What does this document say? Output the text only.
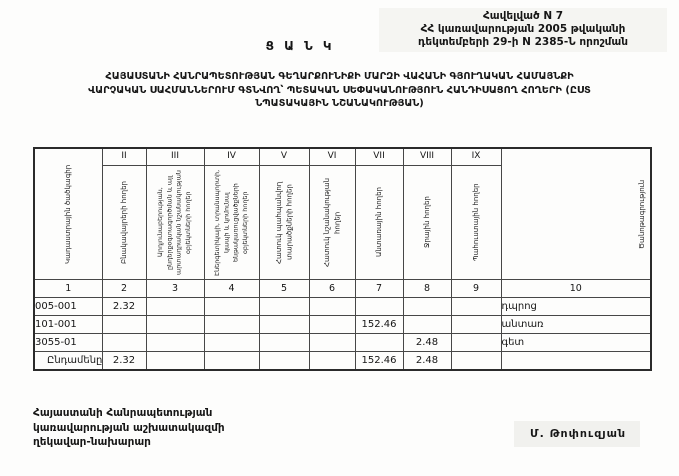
Հավելված N 7
ՀՀ կառավարության 2005 թվականի
դեկտեմբերի 29-ի N 2385-Ն որոշման
Ց Ա Ն Կ
ՀԱՅԱՍՏԱՆԻ ՀԱՆՐԱՊԵՏՈՒԹՅԱՆ ԳԵՂԱՐՔՈՒՆԻՔԻ ՄԱՐԶԻ ՎԱՀԱՆԻ ԳՅՈՒՂԱԿԱՆ ՀԱՄԱՅՆՔԻ
ՎԱՐՉԱԿԱՆ ՍԱՀՄԱՆՆԵՐՈՒՄ ԳՏՆՎՈՂ՝ ՊԵՏԱԿԱՆ ՍԵՓԱԿԱՆՈՒԹՅՈՒՆ ՀԱՆԴԻՍԱՑՈՂ ՀՈՂԵՐԻ (ԸՍՏ
ՆՊԱՏԱԿԱՅԻՆ ՆՇԱՆԱԿՈՒԹՅԱՆ)
Կադաստրային ծածկագիր

II
Բնակավայրերի հողեր

III
Արդյունաբերության, ընդերքօգտագործման և այլ արտադրական նշանակության օբյեկտների հողեր

IV
Էներգետիկայի, տրանսպորտի, կապի և կոմունալ ենթակառուցվածքների օբյեկտների հողեր

V
Հատուկ պահպանվող տարածքների հողեր

VI
Հատուկ նշանակության հողեր

VII
Անտառային հողեր

VIII
Ջրային հողեր

IX
Պահուստային հողեր	Ծանոթագրություն

1	2	3	4	5	6	7	8	9	10
005-001	2.32								դպրոց
101-001						152.46			անտառ
3055-01							2.48		գետ
Ընդամենը	2.32					152.46	2.48		
Հայաստանի Հանրապետության
կառավարության աշխատակազմի
ղեկավար-նախարար
Մ. Թոփուզյան
